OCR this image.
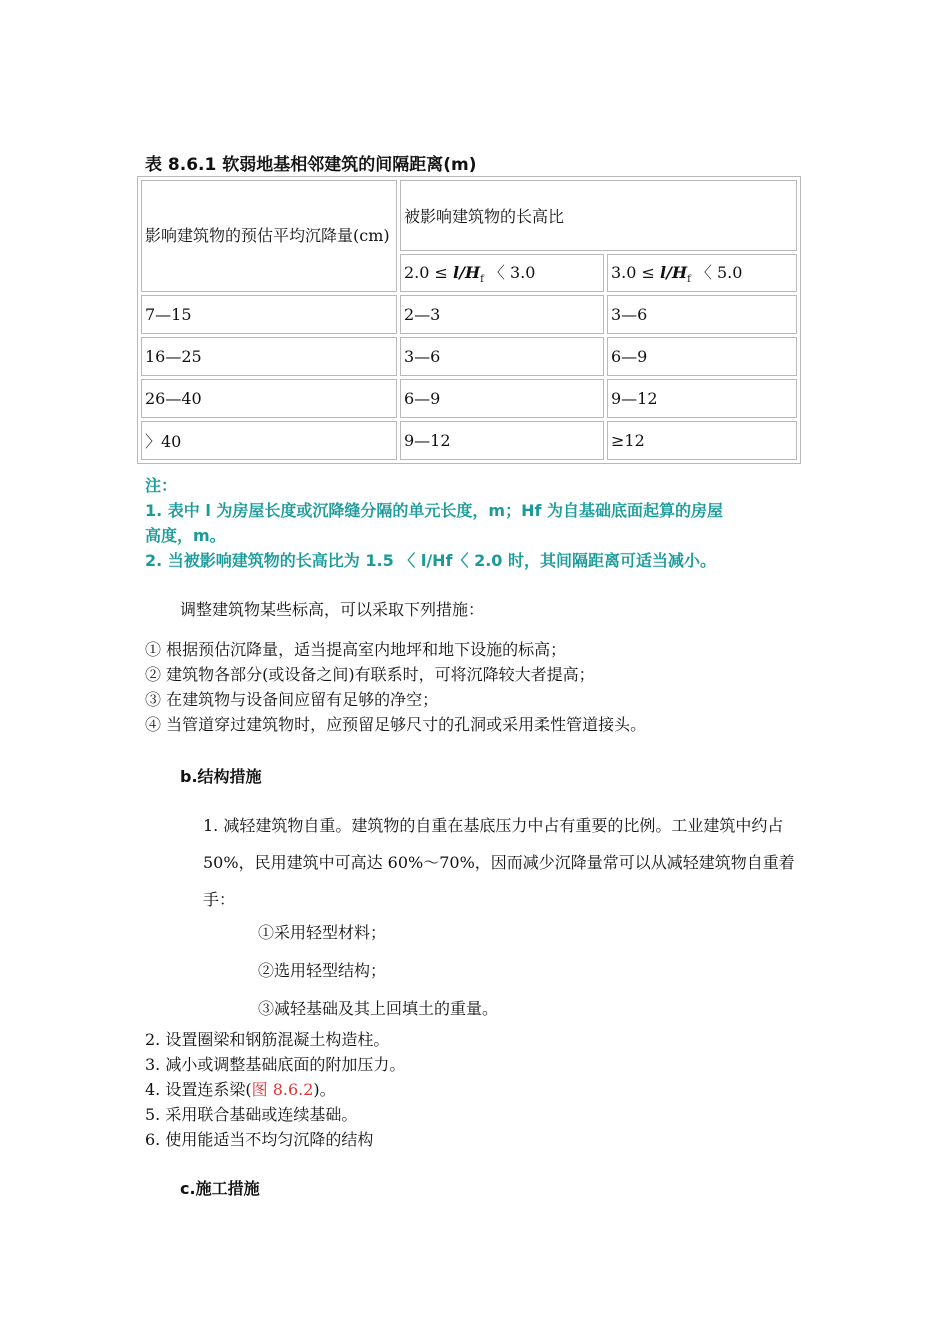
表 8.6.1 软弱地基相邻建筑的间隔距离(m)
影响建筑物的预估平均沉降量(cm)	被影响建筑物的长高比	
	$2.0 \le l/H_f$ 〈 3.0	$3.0 \le l/H_f$ 〈 5.0
7—15	2—3	3—6
16—25	3—6	6—9
26—40	6—9	9—12
〉40	9—12	≥12
注：
1. 表中 l 为房屋长度或沉降缝分隔的单元长度，m；Hf 为自基础底面起算的房屋
高度，m。
2. 当被影响建筑物的长高比为 1.5 〈 l/Hf〈 2.0 时，其间隔距离可适当减小。
调整建筑物某些标高，可以采取下列措施：
① 根据预估沉降量，适当提高室内地坪和地下设施的标高；
② 建筑物各部分(或设备之间)有联系时，可将沉降较大者提高；
③ 在建筑物与设备间应留有足够的净空；
④ 当管道穿过建筑物时，应预留足够尺寸的孔洞或采用柔性管道接头。
b.结构措施
1. 减轻建筑物自重。建筑物的自重在基底压力中占有重要的比例。工业建筑中约占 50%，民用建筑中可高达 60%～70%，因而减少沉降量常可以从减轻建筑物自重着手：
①采用轻型材料；
②选用轻型结构；
③减轻基础及其上回填土的重量。
2. 设置圈梁和钢筋混凝土构造柱。
3. 减小或调整基础底面的附加压力。
4. 设置连系梁(图 8.6.2)。
5. 采用联合基础或连续基础。
6. 使用能适当不均匀沉降的结构
c.施工措施
